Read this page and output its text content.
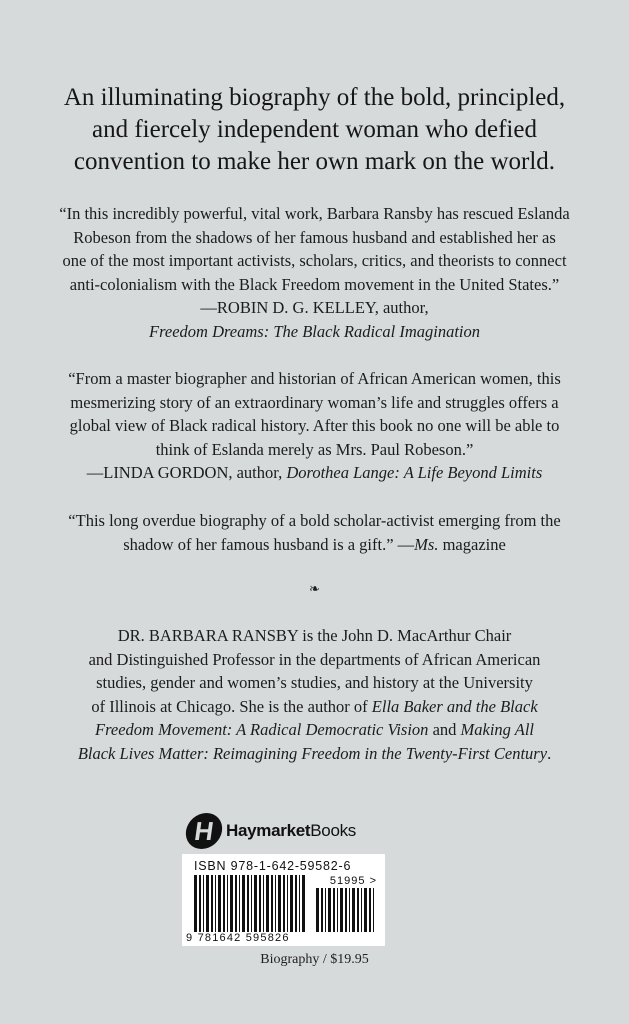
An illuminating biography of the bold, principled,
and fiercely independent woman who defied
convention to make her own mark on the world.
“In this incredibly powerful, vital work, Barbara Ransby has rescued Eslanda
Robeson from the shadows of her famous husband and established her as
one of the most important activists, scholars, critics, and theorists to connect
anti-colonialism with the Black Freedom movement in the United States.”
—ROBIN D. G. KELLEY, author,
Freedom Dreams: The Black Radical Imagination
“From a master biographer and historian of African American women, this
mesmerizing story of an extraordinary woman’s life and struggles offers a
global view of Black radical history. After this book no one will be able to
think of Eslanda merely as Mrs. Paul Robeson.”
—LINDA GORDON, author, Dorothea Lange: A Life Beyond Limits
“This long overdue biography of a bold scholar-activist emerging from the
shadow of her famous husband is a gift.” —Ms. magazine
❧
DR. BARBARA RANSBY is the John D. MacArthur Chair
and Distinguished Professor in the departments of African American
studies, gender and women’s studies, and history at the University
of Illinois at Chicago. She is the author of Ella Baker and the Black
Freedom Movement: A Radical Democratic Vision and Making All
Black Lives Matter: Reimagining Freedom in the Twenty-First Century.
H HaymarketBooks
ISBN 978-1-642-59582-6
51995 >
9 781642 595826
Biography / $19.95
